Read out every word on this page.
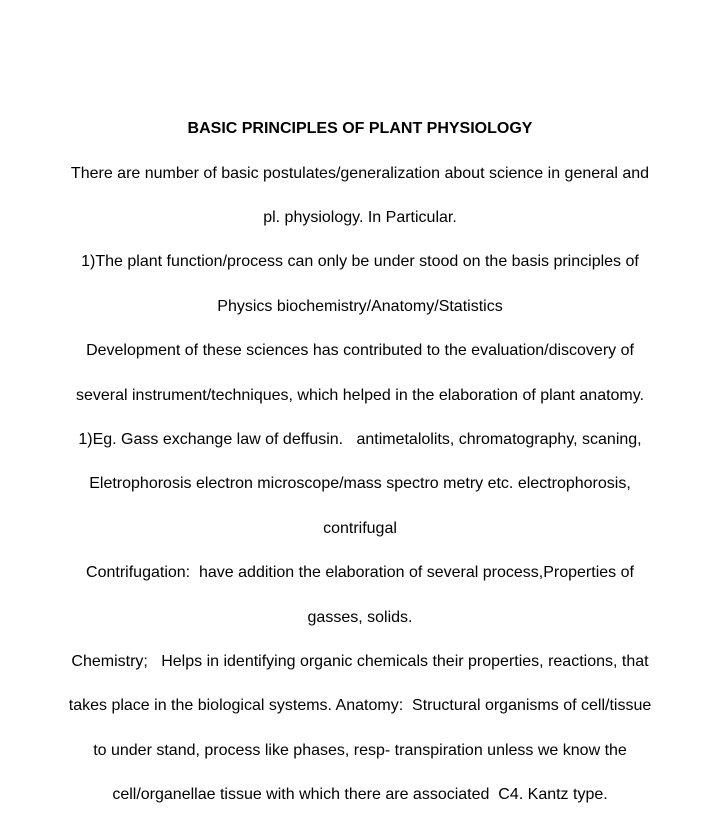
BASIC PRINCIPLES OF PLANT PHYSIOLOGY

There are number of basic postulates/generalization about science in general and

pl. physiology. In Particular.

1)The plant function/process can only be under stood on the basis principles of

Physics biochemistry/Anatomy/Statistics

Development of these sciences has contributed to the evaluation/discovery of

several instrument/techniques, which helped in the elaboration of plant anatomy.

1)Eg. Gass exchange law of deffusin.   antimetalolits, chromatography, scaning,

Eletrophorosis electron microscope/mass spectro metry etc. electrophorosis,

contrifugal

Contrifugation:  have addition the elaboration of several process,Properties of

gasses, solids.

Chemistry;   Helps in identifying organic chemicals their properties, reactions, that

takes place in the biological systems. Anatomy:  Structural organisms of cell/tissue

to under stand, process like phases, resp- transpiration unless we know the

cell/organellae tissue with which there are associated  C4. Kantz type.
